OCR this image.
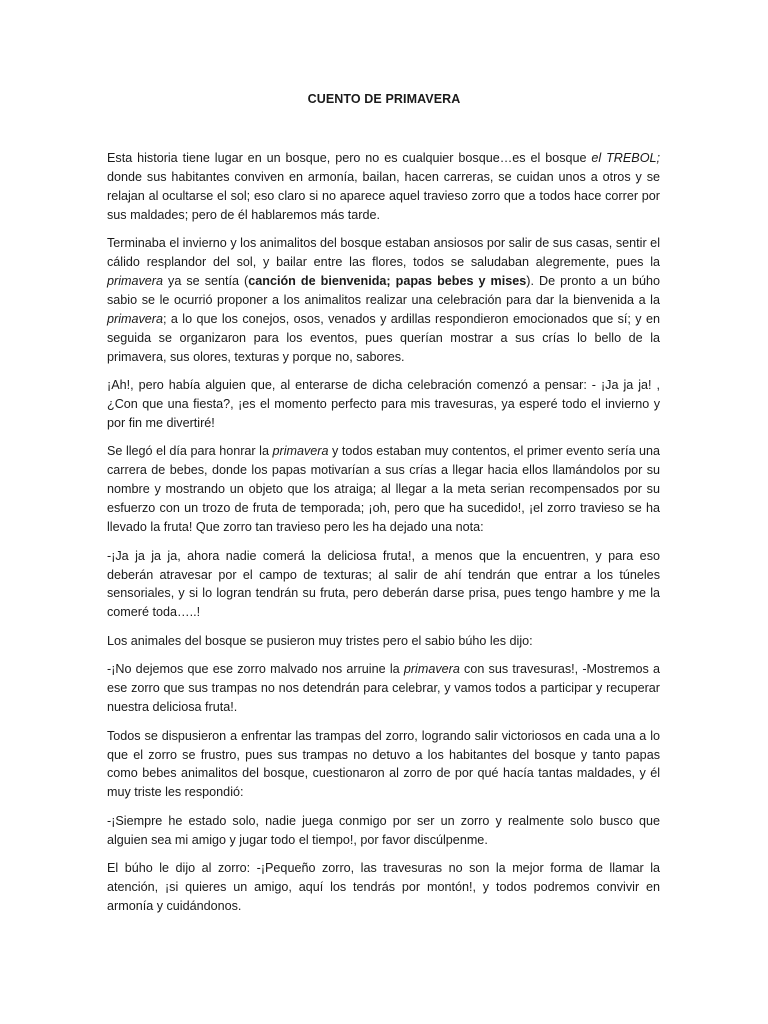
CUENTO DE PRIMAVERA

Esta historia tiene lugar en un bosque, pero no es cualquier bosque…es el bosque el TREBOL; donde sus habitantes conviven en armonía, bailan, hacen carreras, se cuidan unos a otros y se relajan al ocultarse el sol; eso claro si no aparece aquel travieso zorro que a todos hace correr por sus maldades; pero de él hablaremos más tarde.

Terminaba el invierno y los animalitos del bosque estaban ansiosos por salir de sus casas, sentir el cálido resplandor del sol, y bailar entre las flores, todos se saludaban alegremente, pues la primavera ya se sentía (canción de bienvenida; papas bebes y mises). De pronto a un búho sabio se le ocurrió proponer a los animalitos realizar una celebración para dar la bienvenida a la primavera; a lo que los conejos, osos, venados y ardillas respondieron emocionados que sí; y en seguida se organizaron para los eventos, pues querían mostrar a sus crías lo bello de la primavera, sus olores, texturas y porque no, sabores.

¡Ah!, pero había alguien que, al enterarse de dicha celebración comenzó a pensar: - ¡Ja ja ja! , ¿Con que una fiesta?, ¡es el momento perfecto para mis travesuras, ya esperé todo el invierno y por fin me divertiré!

Se llegó el día para honrar la primavera y todos estaban muy contentos, el primer evento sería una carrera de bebes, donde los papas motivarían a sus crías a llegar hacia ellos llamándolos por su nombre y mostrando un objeto que los atraiga; al llegar a la meta serian recompensados por su esfuerzo con un trozo de fruta de temporada; ¡oh, pero que ha sucedido!, ¡el zorro travieso se ha llevado la fruta! Que zorro tan travieso pero les ha dejado una nota:

-¡Ja ja ja ja, ahora nadie comerá la deliciosa fruta!, a menos que la encuentren, y para eso deberán atravesar por el campo de texturas; al salir de ahí tendrán que entrar a los túneles sensoriales, y si lo logran tendrán su fruta, pero deberán darse prisa, pues tengo hambre y me la comeré toda…..!

Los animales del bosque se pusieron muy tristes pero el sabio búho les dijo:

-¡No dejemos que ese zorro malvado nos arruine la primavera con sus travesuras!, -Mostremos a ese zorro que sus trampas no nos detendrán para celebrar, y vamos todos a participar y recuperar nuestra deliciosa fruta!.

Todos se dispusieron a enfrentar las trampas del zorro, logrando salir victoriosos en cada una a lo que el zorro se frustro, pues sus trampas no detuvo a los habitantes del bosque y tanto papas como bebes animalitos del bosque, cuestionaron al zorro de por qué hacía tantas maldades, y él muy triste les respondió:

-¡Siempre he estado solo, nadie juega conmigo por ser un zorro y realmente solo busco que alguien sea mi amigo y jugar todo el tiempo!, por favor discúlpenme.

El búho le dijo al zorro: -¡Pequeño zorro, las travesuras no son la mejor forma de llamar la atención, ¡si quieres un amigo, aquí los tendrás por montón!, y todos podremos convivir en armonía y cuidándonos.
